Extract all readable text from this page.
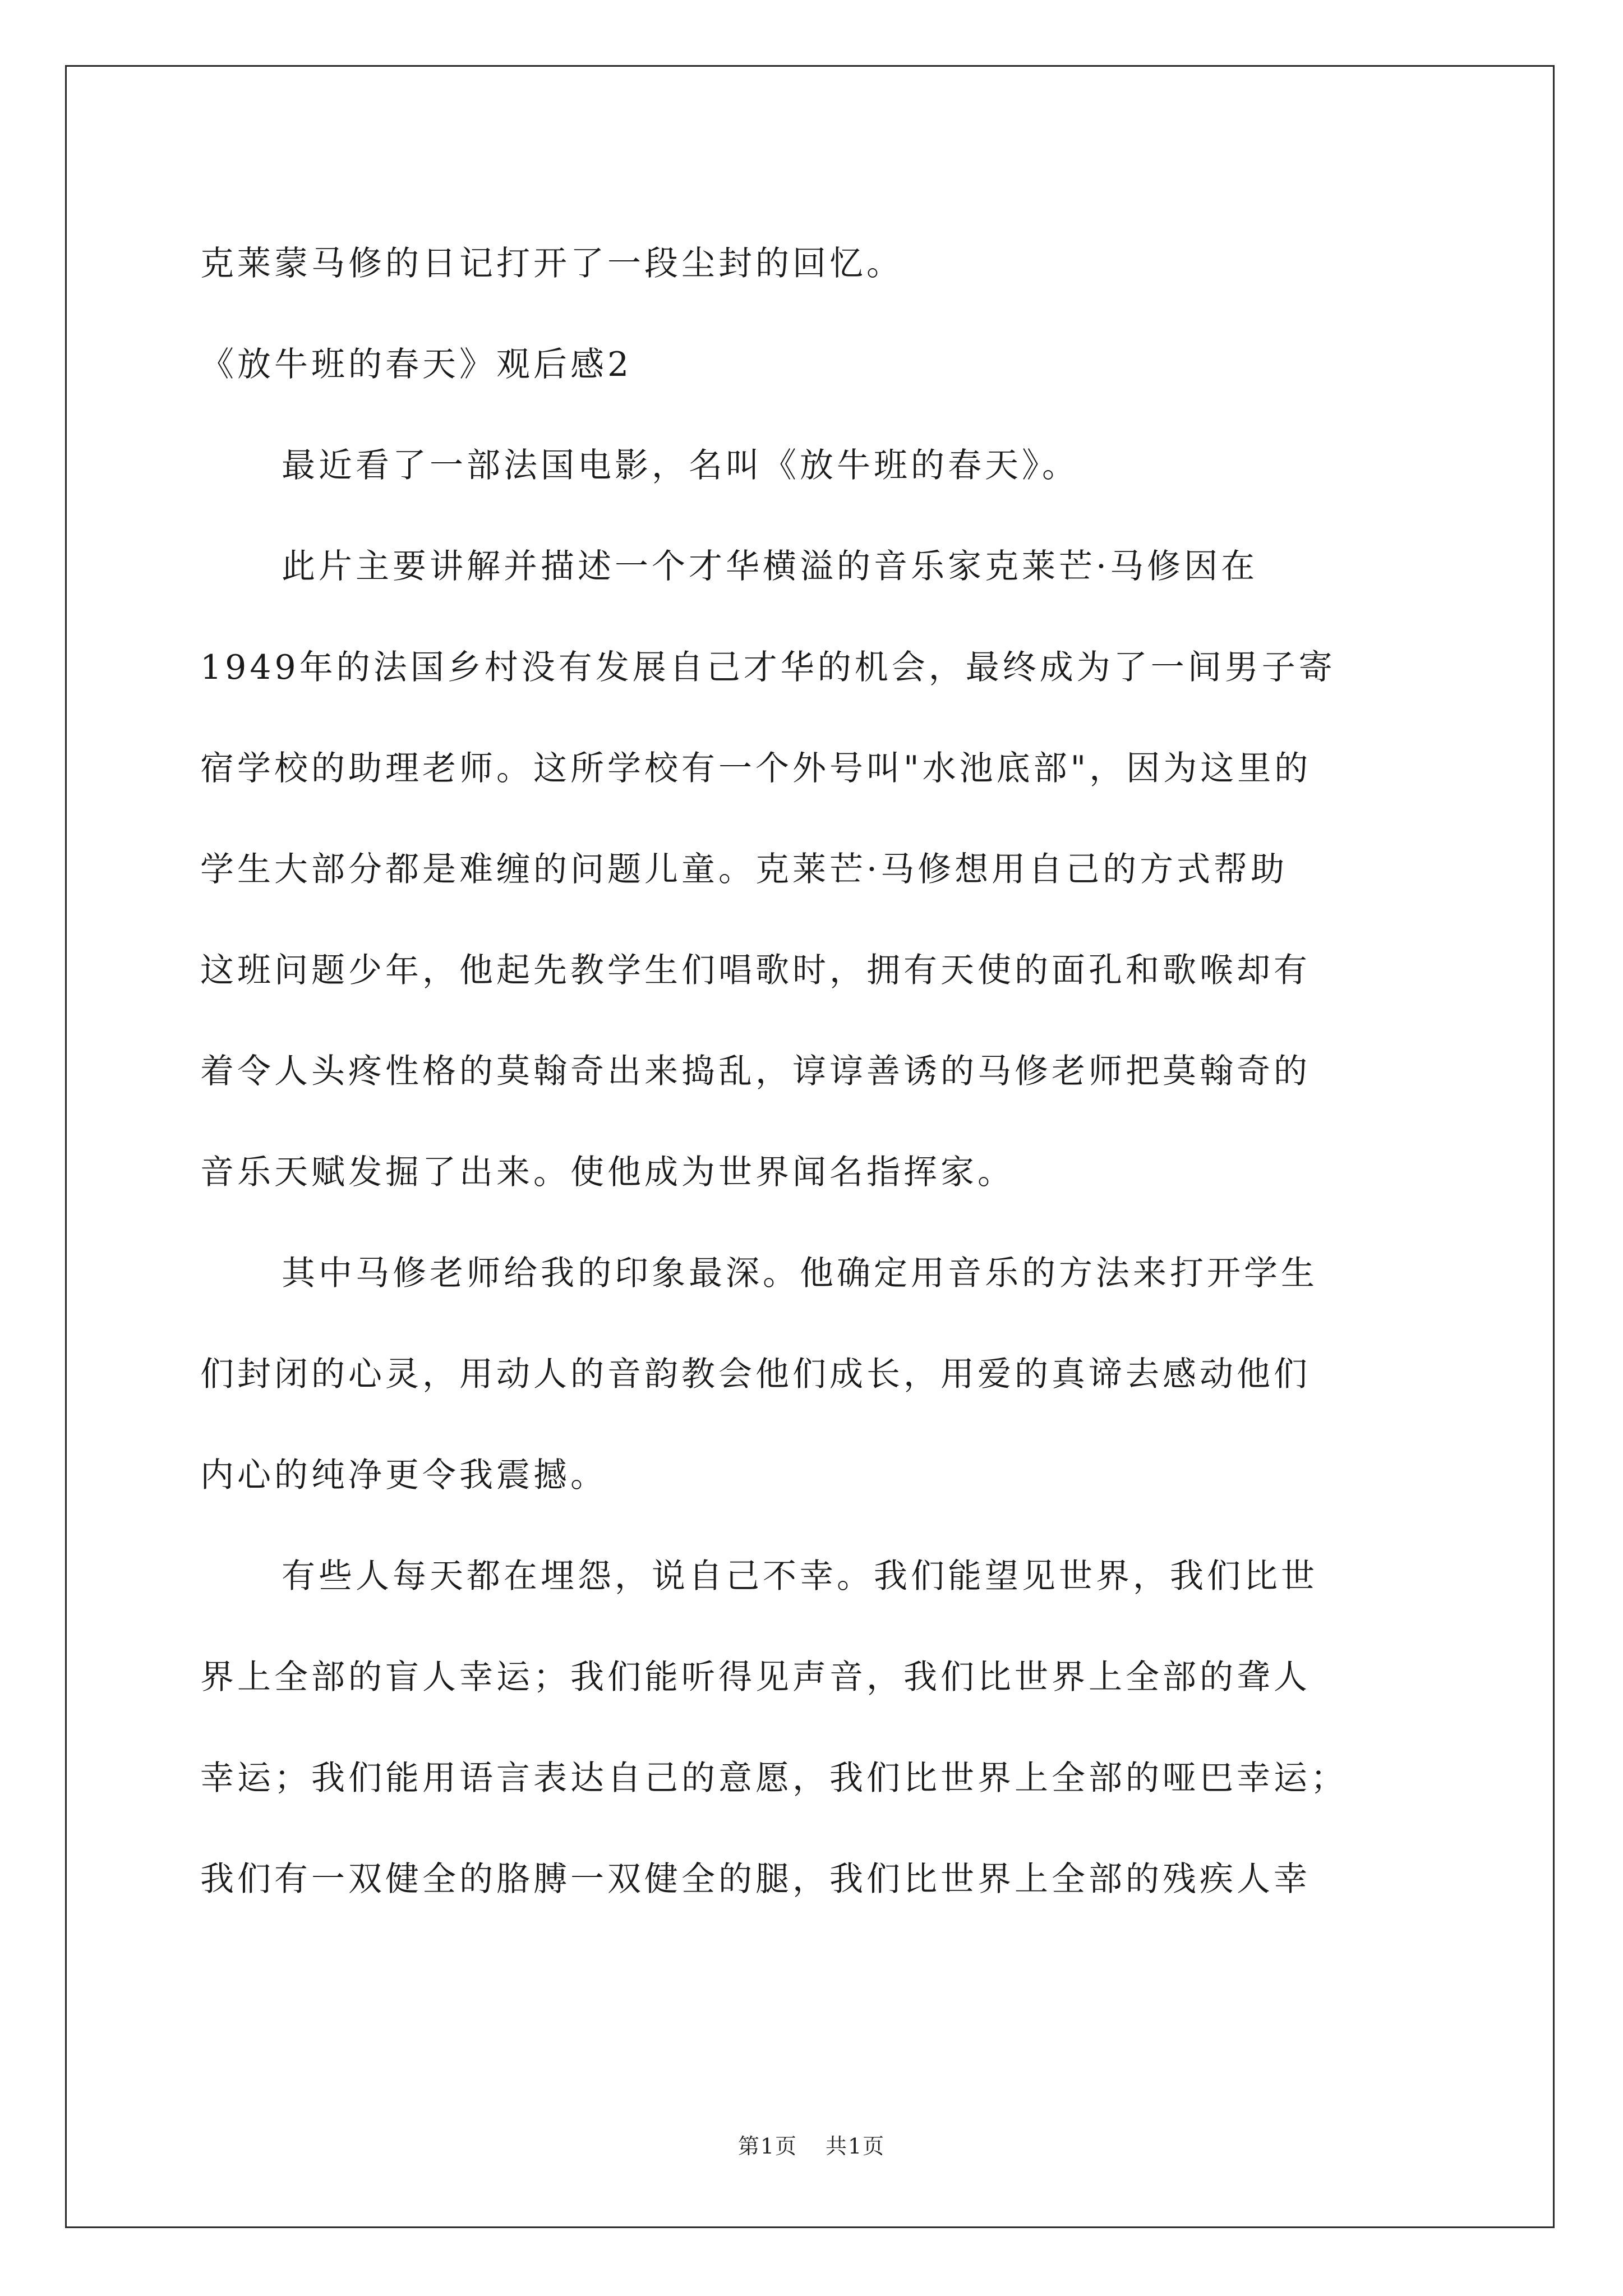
克莱蒙马修的日记打开了一段尘封的回忆。
《放牛班的春天》观后感2
最近看了一部法国电影，名叫《放牛班的春天》。
此片主要讲解并描述一个才华横溢的音乐家克莱芒·马修因在
1949年的法国乡村没有发展自己才华的机会，最终成为了一间男子寄
宿学校的助理老师。这所学校有一个外号叫"水池底部"，因为这里的
学生大部分都是难缠的问题儿童。克莱芒·马修想用自己的方式帮助
这班问题少年，他起先教学生们唱歌时，拥有天使的面孔和歌喉却有
着令人头疼性格的莫翰奇出来捣乱，谆谆善诱的马修老师把莫翰奇的
音乐天赋发掘了出来。使他成为世界闻名指挥家。
其中马修老师给我的印象最深。他确定用音乐的方法来打开学生
们封闭的心灵，用动人的音韵教会他们成长，用爱的真谛去感动他们
内心的纯净更令我震撼。
有些人每天都在埋怨，说自己不幸。我们能望见世界，我们比世
界上全部的盲人幸运；我们能听得见声音，我们比世界上全部的聋人
幸运；我们能用语言表达自己的意愿，我们比世界上全部的哑巴幸运；
我们有一双健全的胳膊一双健全的腿，我们比世界上全部的残疾人幸
第1页 共1页
